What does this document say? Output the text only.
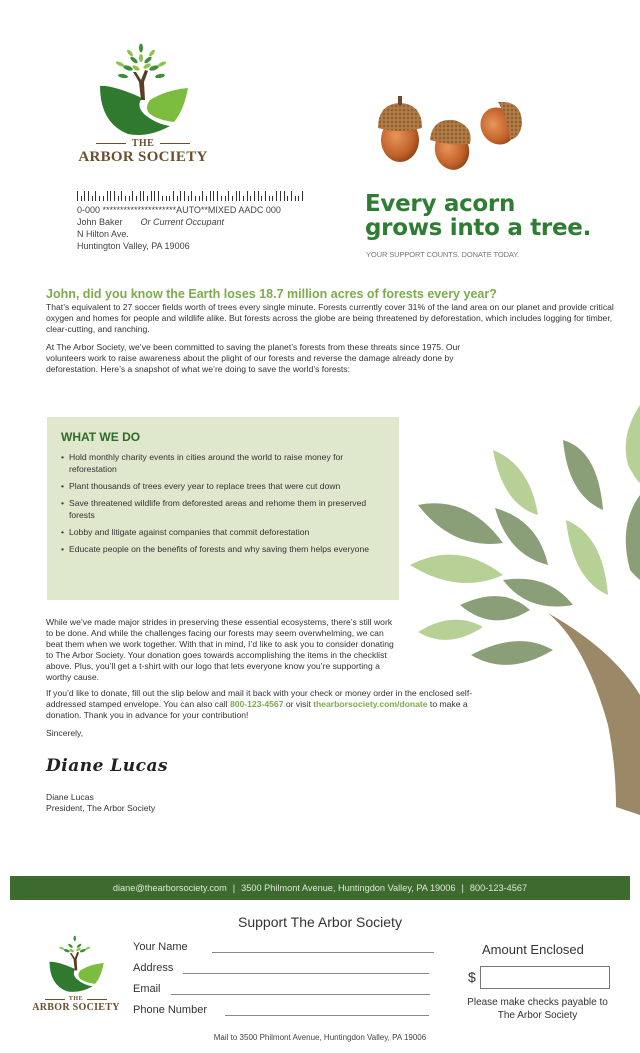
THE
ARBOR SOCIETY
0-000 *********************AUTO**MIXED AADC 000
John Baker Or Current Occupant
N Hilton Ave.
Huntington Valley, PA 19006
Every acorn
grows into a tree.
YOUR SUPPORT COUNTS. DONATE TODAY.
John, did you know the Earth loses 18.7 million acres of forests every year?
That’s equivalent to 27 soccer fields worth of trees every single minute. Forests currently cover 31% of the land area on our planet and provide critical oxygen and homes for people and wildlife alike. But forests across the globe are being threatened by deforestation, which includes logging for timber, clear-cutting, and ranching.
At The Arbor Society, we’ve been committed to saving the planet’s forests from these threats since 1975. Our volunteers work to raise awareness about the plight of our forests and reverse the damage already done by deforestation. Here’s a snapshot of what we’re doing to save the world’s forests:
WHAT WE DO
• Hold monthly charity events in cities around the world to raise money for reforestation
• Plant thousands of trees every year to replace trees that were cut down
• Save threatened wildlife from deforested areas and rehome them in preserved forests
• Lobby and litigate against companies that commit deforestation
• Educate people on the benefits of forests and why saving them helps everyone
While we’ve made major strides in preserving these essential ecosystems, there’s still work to be done. And while the challenges facing our forests may seem overwhelming, we can beat them when we work together. With that in mind, I’d like to ask you to consider donating to The Arbor Society. Your donation goes towards accomplishing the items in the checklist above. Plus, you’ll get a t-shirt with our logo that lets everyone know you’re supporting a worthy cause.
If you’d like to donate, fill out the slip below and mail it back with your check or money order in the enclosed self-addressed stamped envelope. You can also call 800-123-4567 or visit thearborsociety.com/donate to make a donation. Thank you in advance for your contribution!
Sincerely,
Diane Lucas
Diane Lucas
President, The Arbor Society
diane@thearborsociety.com | 3500 Philmont Avenue, Huntingdon Valley, PA 19006 | 800-123-4567
Support The Arbor Society
THE
ARBOR SOCIETY
Your Name
Address
Email
Phone Number
Amount Enclosed
$
Please make checks payable to
The Arbor Society
Mail to 3500 Philmont Avenue, Huntingdon Valley, PA 19006
